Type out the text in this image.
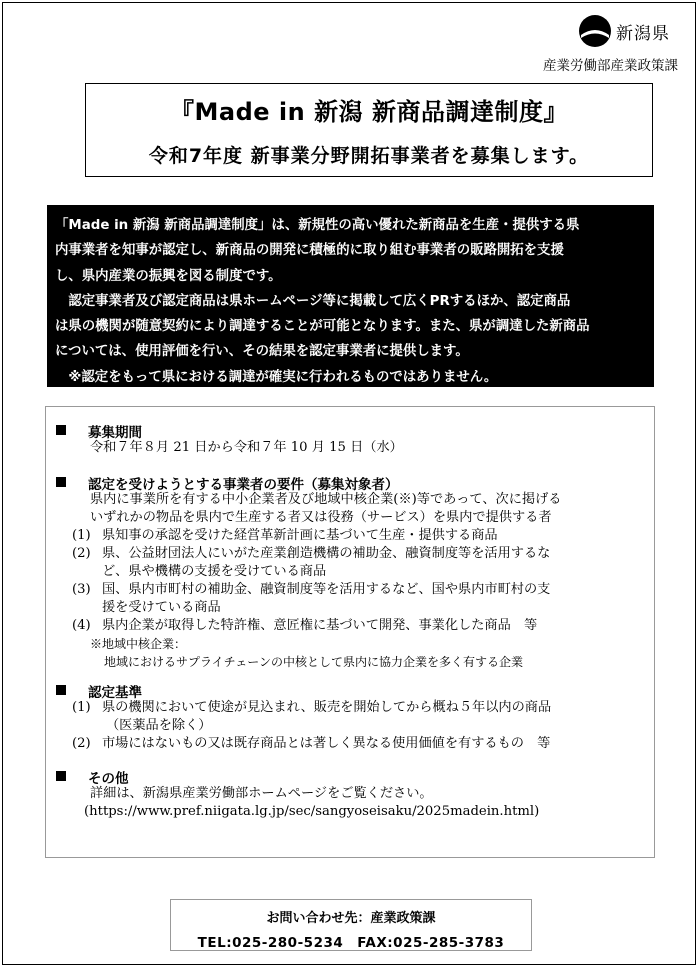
新潟県
産業労働部産業政策課
『Made in 新潟 新商品調達制度』
令和7年度 新事業分野開拓事業者を募集します。

「Made in 新潟 新商品調達制度」は、新規性の高い優れた新商品を生産・提供する県

内事業者を知事が認定し、新商品の開発に積極的に取り組む事業者の販路開拓を支援

し、県内産業の振興を図る制度です。

　認定事業者及び認定商品は県ホームページ等に掲載して広くPRするほか、認定商品

は県の機関が随意契約により調達することが可能となります。また、県が調達した新商品

については、使用評価を行い、その結果を認定事業者に提供します。

　※認定をもって県における調達が確実に行われるものではありません。

募集期間
令和７年８月 21 日から令和７年 10 月 15 日（水）
認定を受けようとする事業者の要件（募集対象者）
県内に事業所を有する中小企業者及び地域中核企業(※)等であって、次に掲げる
いずれかの物品を県内で生産する者又は役務（サービス）を県内で提供する者
(1) 県知事の承認を受けた経営革新計画に基づいて生産・提供する商品
(2) 県、公益財団法人にいがた産業創造機構の補助金、融資制度等を活用するな
ど、県や機構の支援を受けている商品
(3) 国、県内市町村の補助金、融資制度等を活用するなど、国や県内市町村の支
援を受けている商品
(4) 県内企業が取得した特許権、意匠権に基づいて開発、事業化した商品　等
※地域中核企業：
地域におけるサプライチェーンの中核として県内に協力企業を多く有する企業
認定基準
(1) 県の機関において使途が見込まれ、販売を開始してから概ね５年以内の商品
（医薬品を除く）
(2) 市場にはないもの又は既存商品とは著しく異なる使用価値を有するもの　等
その他
詳細は、新潟県産業労働部ホームページをご覧ください。
(https://www.pref.niigata.lg.jp/sec/sangyoseisaku/2025madein.html)
お問い合わせ先：産業政策課
TEL:025-280-5234　FAX:025-285-3783
